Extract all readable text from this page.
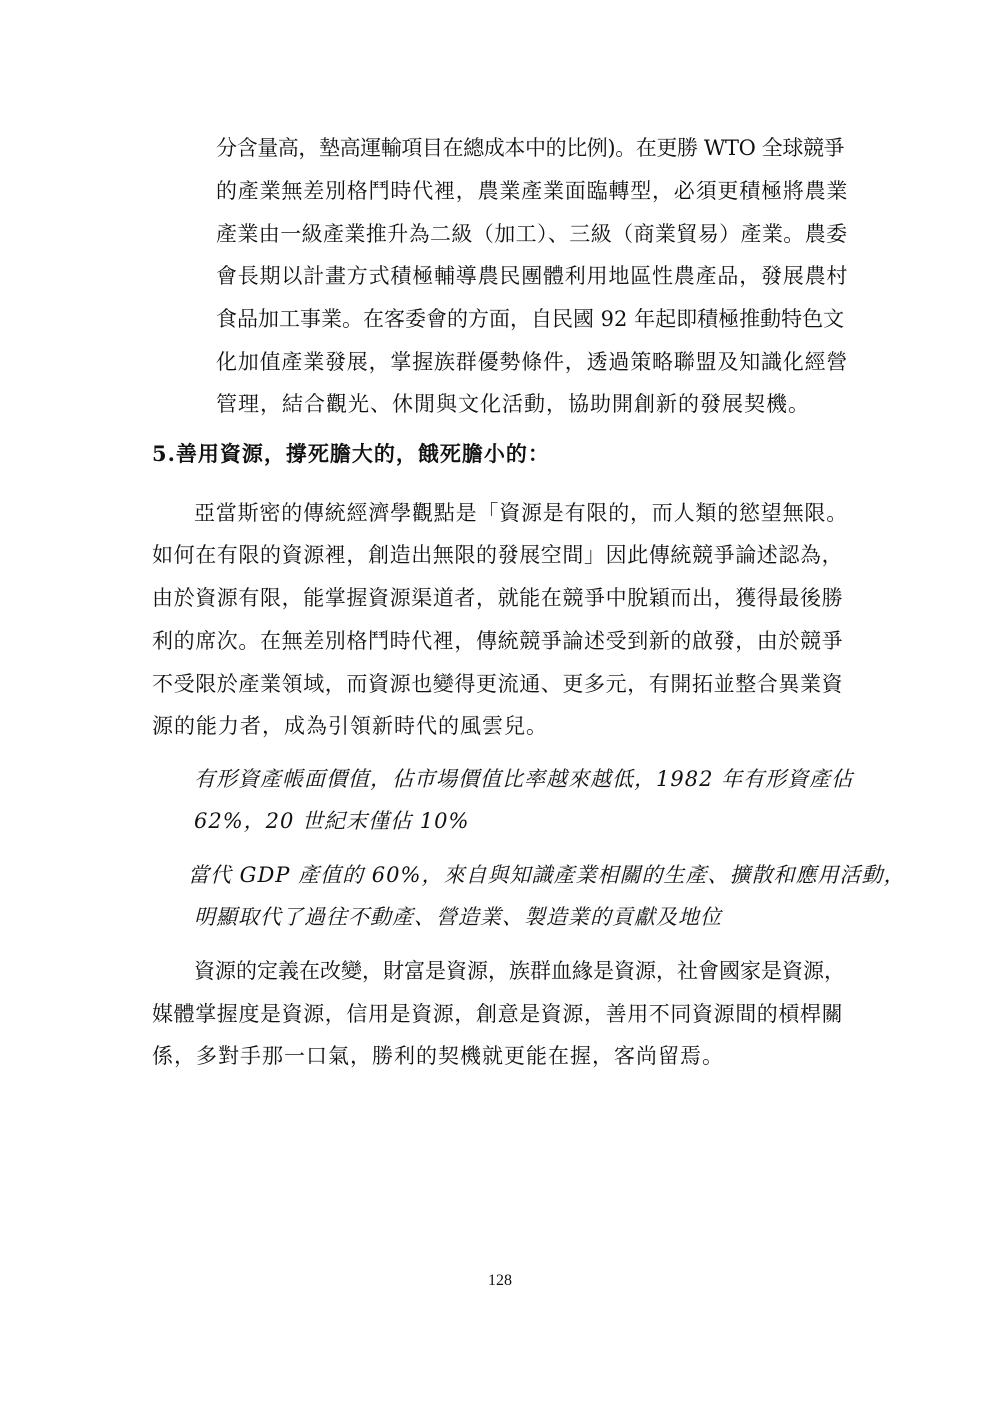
分含量高，墊高運輸項目在總成本中的比例)。在更勝 WTO 全球競爭
的產業無差別格鬥時代裡，農業產業面臨轉型，必須更積極將農業
產業由一級產業推升為二級（加工）、三級（商業貿易）產業。農委
會長期以計畫方式積極輔導農民團體利用地區性農產品，發展農村
食品加工事業。在客委會的方面，自民國 92 年起即積極推動特色文
化加值產業發展，掌握族群優勢條件，透過策略聯盟及知識化經營
管理，結合觀光、休閒與文化活動，協助開創新的發展契機。
5.善用資源，撐死膽大的，餓死膽小的：
亞當斯密的傳統經濟學觀點是「資源是有限的，而人類的慾望無限。
如何在有限的資源裡，創造出無限的發展空間」因此傳統競爭論述認為，
由於資源有限，能掌握資源渠道者，就能在競爭中脫穎而出，獲得最後勝
利的席次。在無差別格鬥時代裡，傳統競爭論述受到新的啟發，由於競爭
不受限於產業領域，而資源也變得更流通、更多元，有開拓並整合異業資
源的能力者，成為引領新時代的風雲兒。
有形資產帳面價值，佔市場價值比率越來越低，1982 年有形資產佔
62%，20 世紀末僅佔 10%
當代 GDP 產值的 60%，來自與知識產業相關的生產、擴散和應用活動，
明顯取代了過往不動產、營造業、製造業的貢獻及地位
資源的定義在改變，財富是資源，族群血緣是資源，社會國家是資源，
媒體掌握度是資源，信用是資源，創意是資源，善用不同資源間的槓桿關
係，多對手那一口氣，勝利的契機就更能在握，客尚留焉。
128
